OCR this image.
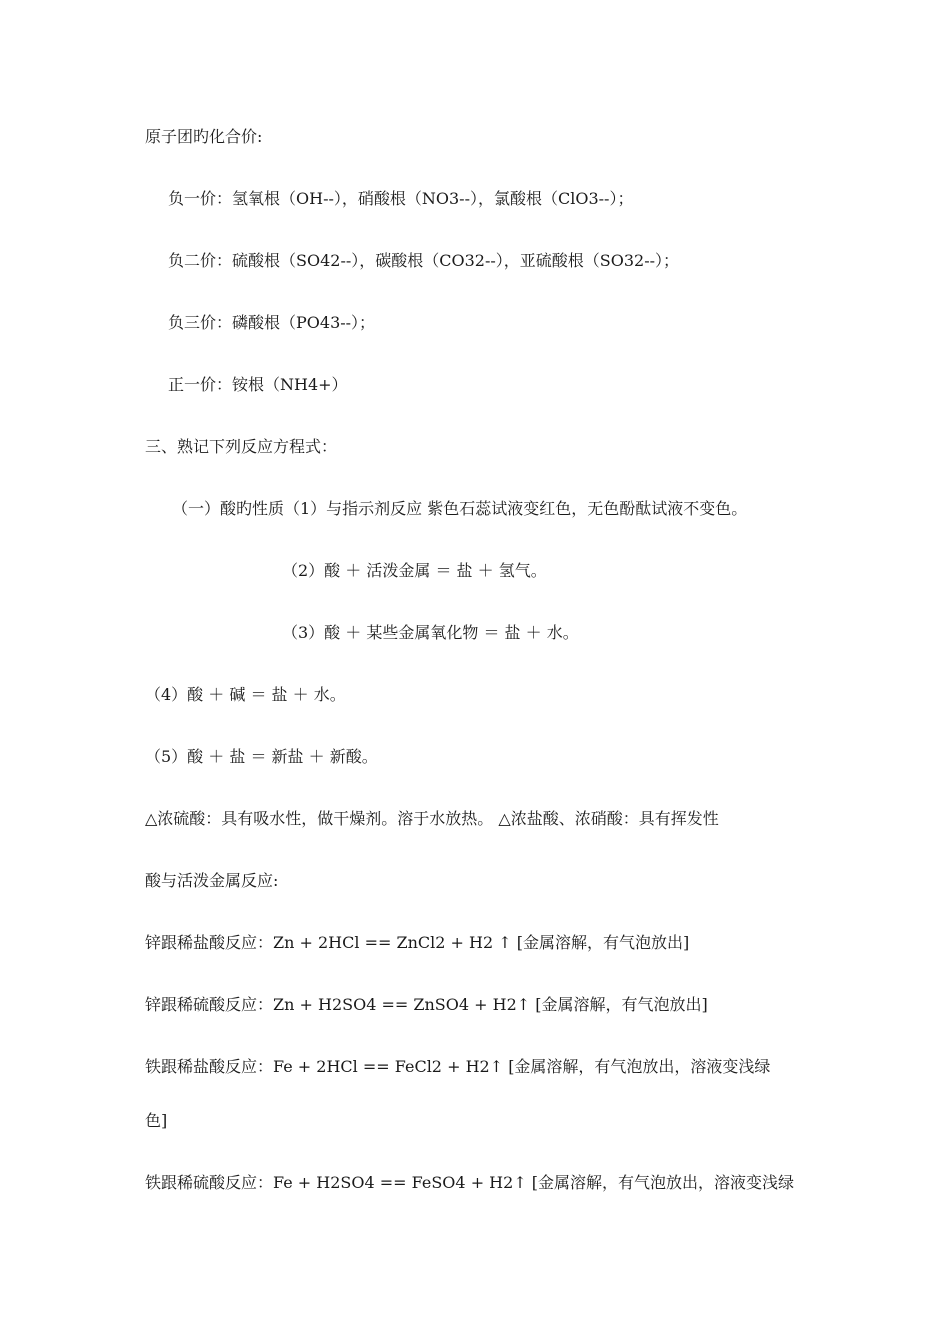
原子团旳化合价:
负一价：氢氧根（OH--），硝酸根（NO3--），氯酸根（ClO3--）；
负二价：硫酸根（SO42--），碳酸根（CO32--），亚硫酸根（SO32--）；
负三价：磷酸根（PO43--）；
正一价：铵根（NH4+）
三、熟记下列反应方程式：
（一）酸旳性质（1）与指示剂反应 紫色石蕊试液变红色，无色酚酞试液不变色。
（2）酸 ＋ 活泼金属 ＝ 盐 ＋ 氢气。
（3）酸 ＋ 某些金属氧化物 ＝ 盐 ＋ 水。
（4）酸 ＋ 碱 ＝ 盐 ＋ 水。
（5）酸 ＋ 盐 ＝ 新盐 ＋ 新酸。
△浓硫酸：具有吸水性，做干燥剂。溶于水放热。 △浓盐酸、浓硝酸：具有挥发性
酸与活泼金属反应:
锌跟稀盐酸反应：Zn + 2HCl == ZnCl2 + H2 ↑ [金属溶解，有气泡放出]
锌跟稀硫酸反应：Zn + H2SO4 == ZnSO4 + H2↑ [金属溶解，有气泡放出]
铁跟稀盐酸反应：Fe + 2HCl == FeCl2 + H2↑ [金属溶解，有气泡放出，溶液变浅绿
色]
铁跟稀硫酸反应：Fe + H2SO4 == FeSO4 + H2↑ [金属溶解，有气泡放出，溶液变浅绿
